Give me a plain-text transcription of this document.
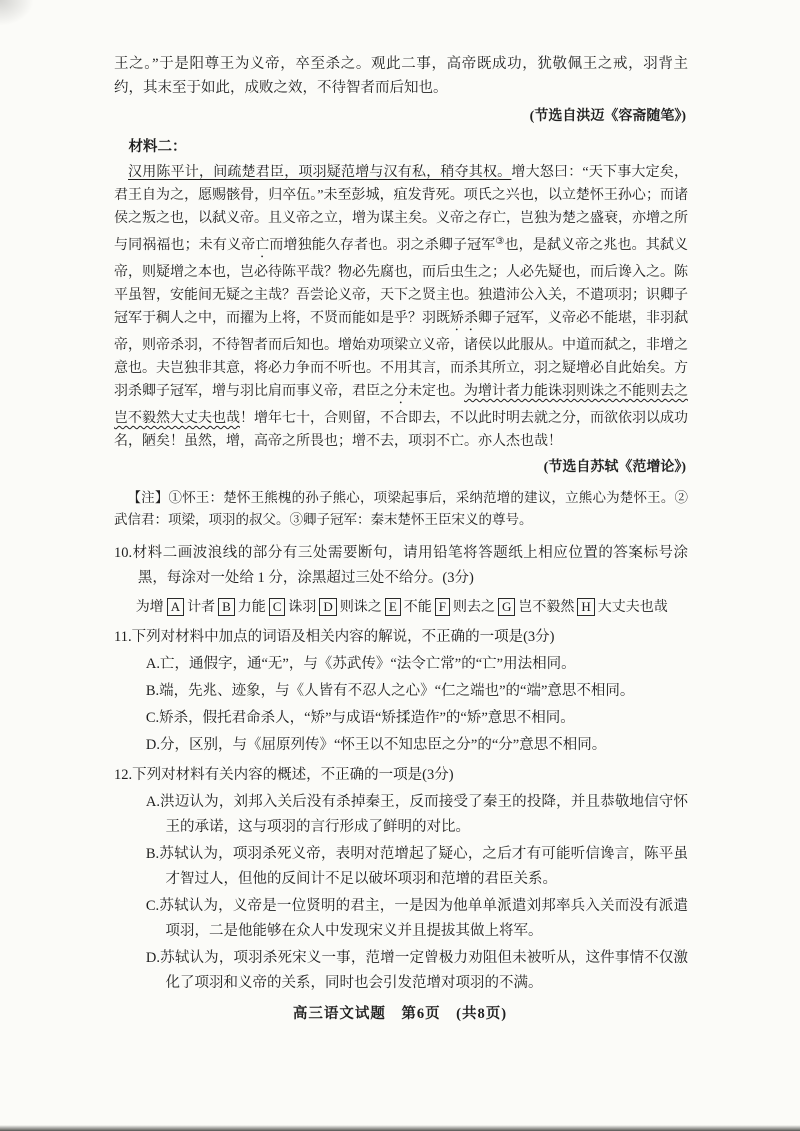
王之。”于是阳尊王为义帝，卒至杀之。观此二事，高帝既成功，犹敬佩王之戒，羽背主约，其末至于如此，成败之效，不待智者而后知也。

(节选自洪迈《容斋随笔》)

材料二：

汉用陈平计，间疏楚君臣，项羽疑范增与汉有私，稍夺其权。增大怒曰：“天下事大定矣，君王自为之，愿赐骸骨，归卒伍。”未至彭城，疽发背死。项氏之兴也，以立楚怀王孙心；而诸侯之叛之也，以弑义帝。且义帝之立，增为谋主矣。义帝之存亡，岂独为楚之盛衰，亦增之所与同祸福也；未有义帝亡而增独能久存者也。羽之杀卿子冠军③也，是弑义帝之兆也。其弑义帝，则疑增之本也，岂必待陈平哉？物必先腐也，而后虫生之；人必先疑也，而后谗入之。陈平虽智，安能间无疑之主哉？吾尝论义帝，天下之贤主也。独遣沛公入关，不遣项羽；识卿子冠军于稠人之中，而擢为上将，不贤而能如是乎？羽既矫杀卿子冠军，义帝必不能堪，非羽弑帝，则帝杀羽，不待智者而后知也。增始劝项梁立义帝，诸侯以此服从。中道而弑之，非增之意也。夫岂独非其意，将必力争而不听也。不用其言，而杀其所立，羽之疑增必自此始矣。方羽杀卿子冠军，增与羽比肩而事义帝，君臣之分未定也。为增计者力能诛羽则诛之不能则去之岂不毅然大丈夫也哉！增年七十，合则留，不合即去，不以此时明去就之分，而欲依羽以成功名，陋矣！虽然，增，高帝之所畏也；增不去，项羽不亡。亦人杰也哉！

(节选自苏轼《范增论》)

【注】①怀王：楚怀王熊槐的孙子熊心，项梁起事后，采纳范增的建议，立熊心为楚怀王。②武信君：项梁，项羽的叔父。③卿子冠军：秦末楚怀王臣宋义的尊号。

10.材料二画波浪线的部分有三处需要断句，请用铅笔将答题纸上相应位置的答案标号涂黑，每涂对一处给 1 分，涂黑超过三处不给分。(3分)

为增 A 计者 B 力能 C 诛羽 D 则诛之 E 不能 F 则去之 G 岂不毅然 H 大丈夫也哉

11.下列对材料中加点的词语及相关内容的解说，不正确的一项是(3分)

A.亡，通假字，通“无”，与《苏武传》“法令亡常”的“亡”用法相同。

B.端，先兆、迹象，与《人皆有不忍人之心》“仁之端也”的“端”意思不相同。

C.矫杀，假托君命杀人，“矫”与成语“矫揉造作”的“矫”意思不相同。

D.分，区别，与《屈原列传》“怀王以不知忠臣之分”的“分”意思不相同。

12.下列对材料有关内容的概述，不正确的一项是(3分)

A.洪迈认为，刘邦入关后没有杀掉秦王，反而接受了秦王的投降，并且恭敬地信守怀王的承诺，这与项羽的言行形成了鲜明的对比。

B.苏轼认为，项羽杀死义帝，表明对范增起了疑心，之后才有可能听信谗言，陈平虽才智过人，但他的反间计不足以破坏项羽和范增的君臣关系。

C.苏轼认为，义帝是一位贤明的君主，一是因为他单单派遣刘邦率兵入关而没有派遣项羽，二是他能够在众人中发现宋义并且提拔其做上将军。

D.苏轼认为，项羽杀死宋义一事，范增一定曾极力劝阻但未被听从，这件事情不仅激化了项羽和义帝的关系，同时也会引发范增对项羽的不满。

高三语文试题　第6页　(共8页)
